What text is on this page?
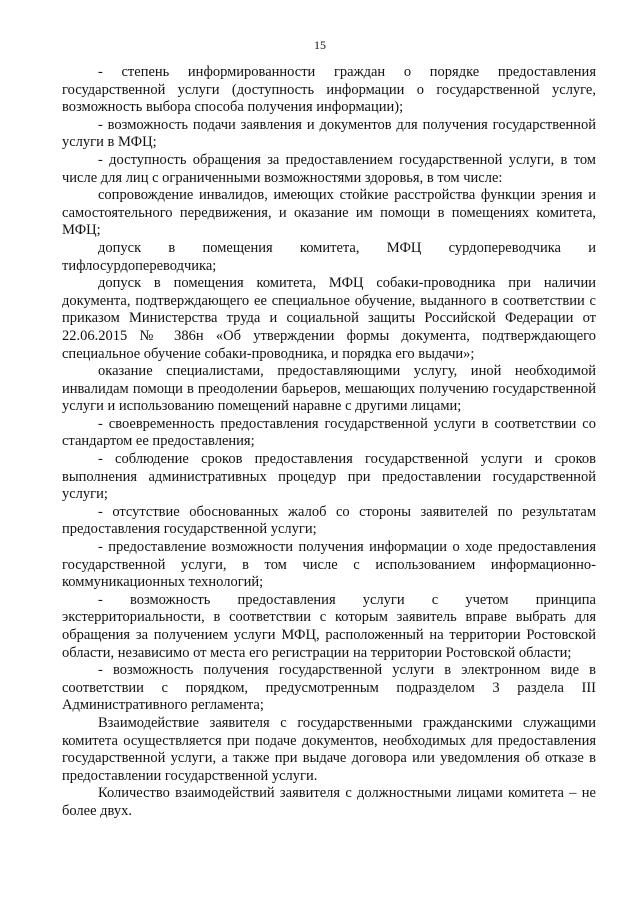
15

- степень информированности граждан о порядке предоставления государственной услуги (доступность информации о государственной услуге, возможность выбора способа получения информации);

- возможность подачи заявления и документов для получения государственной услуги в МФЦ;

- доступность обращения за предоставлением государственной услуги, в том числе для лиц с ограниченными возможностями здоровья, в том числе:

сопровождение инвалидов, имеющих стойкие расстройства функции зрения и самостоятельного передвижения, и оказание им помощи в помещениях комитета, МФЦ;

допуск в помещения комитета, МФЦ сурдопереводчика и тифлосурдопереводчика;

допуск в помещения комитета, МФЦ собаки-проводника при наличии документа, подтверждающего ее специальное обучение, выданного в соответствии с приказом Министерства труда и социальной защиты Российской Федерации от 22.06.2015 № 386н «Об утверждении формы документа, подтверждающего специальное обучение собаки-проводника, и порядка его выдачи»;

оказание специалистами, предоставляющими услугу, иной необходимой инвалидам помощи в преодолении барьеров, мешающих получению государственной услуги и использованию помещений наравне с другими лицами;

- своевременность предоставления государственной услуги в соответствии со стандартом ее предоставления;

- соблюдение сроков предоставления государственной услуги и сроков выполнения административных процедур при предоставлении государственной услуги;

- отсутствие обоснованных жалоб со стороны заявителей по результатам предоставления государственной услуги;

- предоставление возможности получения информации о ходе предоставления государственной услуги, в том числе с использованием информационно-коммуникационных технологий;

- возможность предоставления услуги с учетом принципа экстерриториальности, в соответствии с которым заявитель вправе выбрать для обращения за получением услуги МФЦ, расположенный на территории Ростовской области, независимо от места его регистрации на территории Ростовской области;

- возможность получения государственной услуги в электронном виде в соответствии с порядком, предусмотренным подразделом 3 раздела III Административного регламента;

Взаимодействие заявителя с государственными гражданскими служащими комитета осуществляется при подаче документов, необходимых для предоставления государственной услуги, а также при выдаче договора или уведомления об отказе в предоставлении государственной услуги.

Количество взаимодействий заявителя с должностными лицами комитета – не более двух.
